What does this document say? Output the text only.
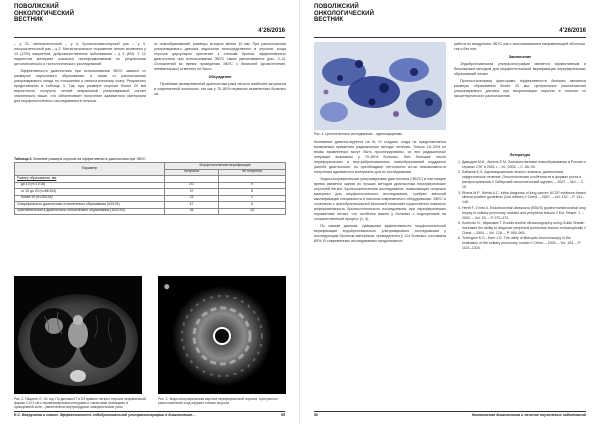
ПОВОЛЖСКИЙ
ОНКОЛОГИЧЕСКИЙ
ВЕСТНИК
4’26/2016

– у 21, мелкоклеточный – у 4, бронхоальвеолярный рак – у 3, плоскоклеточный рак – у 2. Метастатическое поражение легких выявлено у 13 (12%) пациентов, доброкачественные заболевания – у 9 (8%). У 12 пациентов материал оказался неинформативным по результатам цитологического и гистологического исследований.

Эффективность диагностики при использовании ЭБУС зависит от размеров опухолевого образования, а также от расположения ультразвукового зонда по отношению к патологическому очагу. Результаты представлены в таблице 3. Так, при размере опухоли более 20 мм вероятность получить четкий визуальный ультразвуковой сигнал значительно выше, что обеспечивает получение адекватного материала для морфологического исследования в отличие

от новообразований, размеры которых менее 10 мм. При расположении ультразвукового датчика эндоскопа непосредственно в опухоли, когда опухоль циркулярно прилегает к стенкам бронха, эффективность диагностики при использовании ЭБУС также увеличивается (рис. 2–4). Осложнений во время проведения ЭБУС с биопсией (кровотечение, пневмоторакс) отмечено не было.

Обсуждение

Проблема своевременной диагностики рака легкого наиболее актуальна в современной онкологии, так как у 70–80% первично выявленных больных за-

Таблица 3. Влияние размера опухоли на эффективность диагностики при ЭБУС
Параметр	Морфологическая верификация	
	получена	не получена
Размер образования, мм		
до 10 (n=17/18)	2/1	9
от 10 до 20 (n=48/104)	37	8
более 20 (n=25/104)	23	2
Специфичность диагностики относительно образования (63/104)	47	5
Чувствительность диагностики относительно образования (104/104)	34	14
Рис. 2. Пациент Л., 61 год. По данным КТ в S3 правого легкого опухоль неправильной формы 2,2×3 см с неравномерными контурами и тяжистыми границами, в прикорневой зоне – увеличенные внутригрудные лимфатические узлы
⬤
Рис. 3. Эндосонографическая картина периферической опухоли. Центрально расположенный зонд окружен тканью опухоли
Е.С. Вахрушева и соавт. Эффективность эндобронхиальной ультрасонографии в диагностике…	55
ПОВОЛЖСКИЙ
ОНКОЛОГИЧЕСКИЙ
ВЕСТНИК
4’26/2016
Рис. 4. Цитологическое исследование – аденокарцинома

болевание диагностируется на III, IV стадиях, когда не представляется возможным применять радикальные методы лечения. Только 15–20% из вновь выявленных могут быть прооперированы, из них радикальные операции возможны у 70–80% больных. Все большее число периферических и внутрибронхиальных новообразований поддается ранней диагностике, но преобладают неточности из-за невозможности получения адекватного материала для их исследования.

Эндосонографическая ультразвуковая диагностика (ЭБУС) в настоящее время является одним из лучших методов диагностики периферических опухолей легких. Бронхоскопические исследования, позволяющие получать материал для морфологического исследования, требуют высокой квалификации специалиста и наличия современного оборудования. ЭБУС в сочетании с трансбронхиальной биопсией позволяет существенно повысить информативность бронхологического исследования при периферических поражениях легких, что особенно важно у больных с подозрением на злокачественный процесс (1, 4).

По нашим данным, суммарная эффективность морфологической верификации эндобронхиального ультразвукового исследования у последующим бронхом материала, проведенного у 114 больных, составила 80%. В современных исследованиях продолжается

работа по внедрению ЭБУС как с использованием направляющей оболочки, так и без нее.

Заключение

Эндобронхиальная ультрасонография является эффективным и безопасным методом для морфологической верификации периферических образований легких.

Прогностическими факторами эффективности биопсии являются размеры образования более 20 мм, центральное расположение ультразвукового датчика при визуализации опухоли в отличие от эксцентрического расположения.

Литература
1. Давыдов М.И., Аксель Е.М. Злокачественные новообразования в России и странах СНГ в 2001 г. – М., 2003. – С. 85–99.
2. Бабаков Б.Х. Аденокарцинома легкого: клиника, диагностика, хирургическое лечение. Онкологические особенности в формах роста и распространения // Сибирский онкологический журнал. – 2007. – №1. – С. 15.
3. Rivera M.P., Mehta A.C. Initial diagnosis of lung cancer: ACCP evidence-based clinical practice guidelines (2nd edition) // Chest. – 2007. – Vol. 132. – P. 131–148.
4. Herth F., Ernst A. Endobronchial ultrasound (EBUS) guided transbronchial lung biopsy in solitary pulmonary nodules and peripheral lesions // Eur. Respir. J. – 2002. – Vol. 20. – P. 972–974.
5. Kurimoto N., Miyazawa T. Endobronchial ultrasonography using Guide Sheath increases the ability to diagnose peripheral pulmonary lesions endoscopically // Chest. – 2004. – Vol. 126. – P. 959–965.
6. Torrington K.G., Kern J.D. The utility of fiberoptic bronchoscopy in the evaluation of the solitary pulmonary nodule // Chest. – 1993. – Vol. 104. – P. 1021–1024.
56	Комплексная диагностика и лечение опухолевых заболеваний
